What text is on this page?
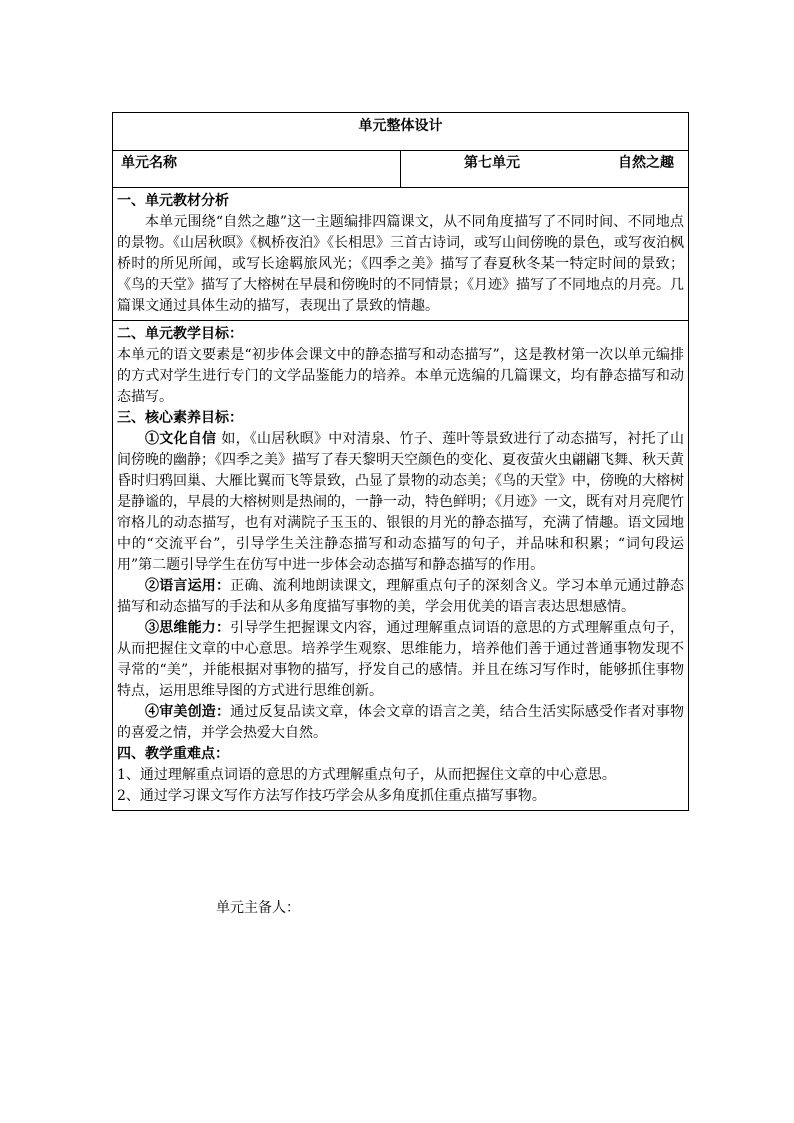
单元整体设计
单元名称	第七单元	自然之趣

一、单元教材分析

本单元围绕“自然之趣”这一主题编排四篇课文，从不同角度描写了不同时间、不同地点的景物。《山居秋暝》《枫桥夜泊》《长相思》三首古诗词，或写山间傍晚的景色，或写夜泊枫桥时的所见所闻，或写长途羁旅风光；《四季之美》描写了春夏秋冬某一特定时间的景致；《鸟的天堂》描写了大榕树在早晨和傍晚时的不同情景；《月迹》描写了不同地点的月亮。几篇课文通过具体生动的描写，表现出了景致的情趣。

二、单元教学目标：

本单元的语文要素是“初步体会课文中的静态描写和动态描写”，这是教材第一次以单元编排的方式对学生进行专门的文学品鉴能力的培养。本单元选编的几篇课文，均有静态描写和动态描写。

三、核心素养目标：

①文化自信 如，《山居秋暝》中对清泉、竹子、莲叶等景致进行了动态描写，衬托了山间傍晚的幽静；《四季之美》描写了春天黎明天空颜色的变化、夏夜萤火虫翩翩飞舞、秋天黄昏时归鸦回巢、大雁比翼而飞等景致，凸显了景物的动态美；《鸟的天堂》中，傍晚的大榕树是静谧的，早晨的大榕树则是热闹的，一静一动，特色鲜明；《月迹》一文，既有对月亮爬竹帘格儿的动态描写，也有对满院子玉玉的、银银的月光的静态描写，充满了情趣。语文园地中的“交流平台”，引导学生关注静态描写和动态描写的句子，并品味和积累；“词句段运用”第二题引导学生在仿写中进一步体会动态描写和静态描写的作用。

②语言运用：正确、流利地朗读课文，理解重点句子的深刻含义。学习本单元通过静态描写和动态描写的手法和从多角度描写事物的美，学会用优美的语言表达思想感情。

③思维能力：引导学生把握课文内容，通过理解重点词语的意思的方式理解重点句子，从而把握住文章的中心意思。培养学生观察、思维能力，培养他们善于通过普通事物发现不寻常的“美”，并能根据对事物的描写，抒发自己的感情。并且在练习写作时，能够抓住事物特点，运用思维导图的方式进行思维创新。

④审美创造：通过反复品读文章，体会文章的语言之美，结合生活实际感受作者对事物的喜爱之情，并学会热爱大自然。

四、教学重难点：

1、通过理解重点词语的意思的方式理解重点句子，从而把握住文章的中心意思。

2、通过学习课文写作方法写作技巧学会从多角度抓住重点描写事物。

单元主备人：
